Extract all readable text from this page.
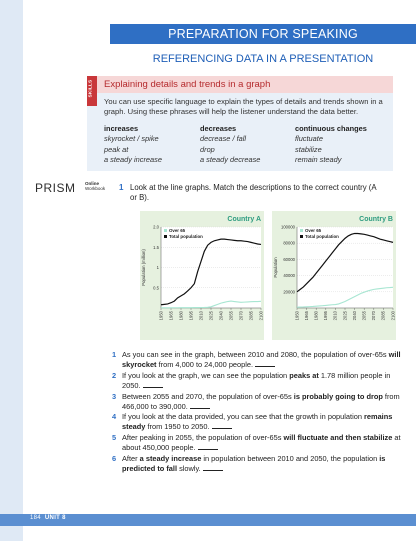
PREPARATION FOR SPEAKING
REFERENCING DATA IN A PRESENTATION
SKILLS Explaining details and trends in a graph
You can use specific language to explain the types of details and trends shown in a graph. Using these phrases will help the listener understand the data better.
increases
skyrocket / spike
peak at
a steady increase
decreases
decrease / fall
drop
a steady decrease
continuous changes
fluctuate
stabilize
remain steady
PRISM Online
Workbook 1 Look at the line graphs. Match the descriptions to the correct country (A or B).
Country A
0.5
1
1.5
2.0
1950 1965 1980 1995 2010 2025 2040 2055 2070 2085 2100
Population (million)
Over 65
Total population
Country B
20000
40000
60000
80000
100000
1950 1965 1980 1995 2010 2025 2040 2055 2070 2085 2100
Population
Over 65
Total population
1 As you can see in the graph, between 2010 and 2080, the population of over-65s will skyrocket from 4,000 to 24,000 people.
2 If you look at the graph, we can see the population peaks at 1.78 million people in 2050.
3 Between 2055 and 2070, the population of over-65s is probably going to drop from 466,000 to 390,000.
4 If you look at the data provided, you can see that the growth in population remains steady from 1950 to 2050.
5 After peaking in 2055, the population of over-65s will fluctuate and then stabilize at about 450,000 people.
6 After a steady increase in population between 2010 and 2050, the population is predicted to fall slowly.
184 UNIT 8
